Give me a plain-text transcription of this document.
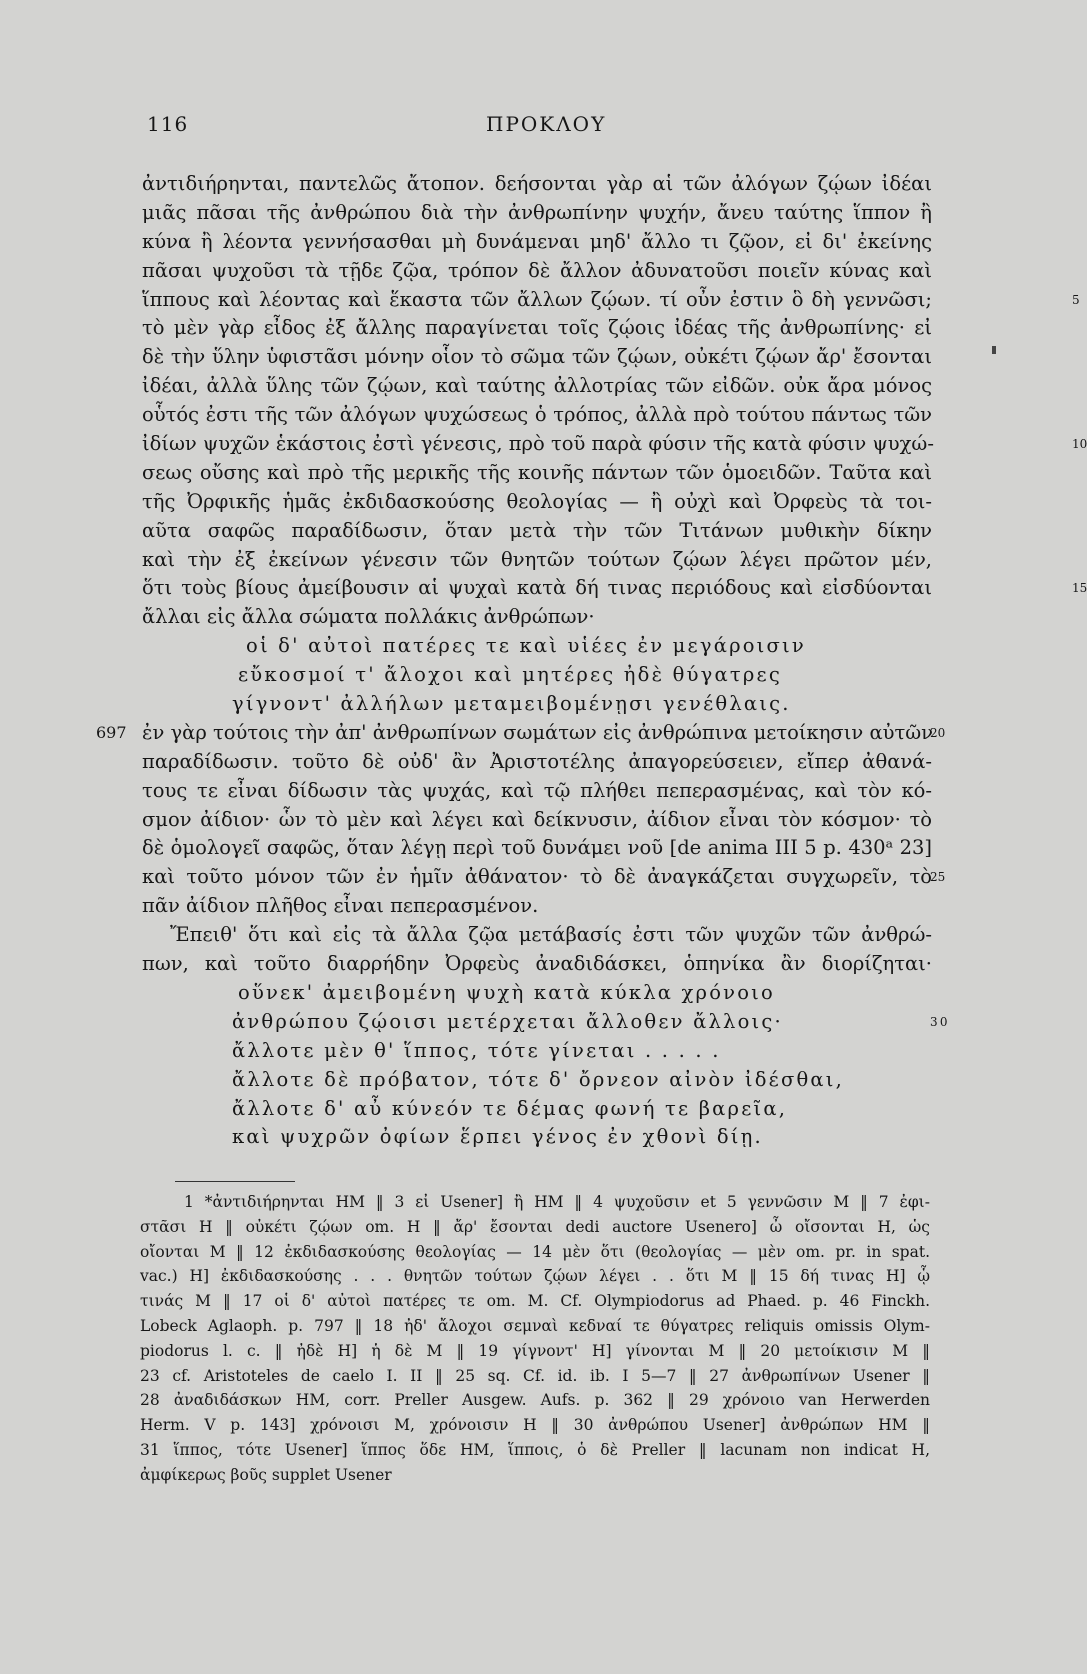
116	ΠΡΟΚΛΟΥ
ἀντιδιήρηνται, παντελῶς ἄτοπον. δεήσονται γὰρ αἱ τῶν ἀλόγων ζῴων ἰδέαι
μιᾶς πᾶσαι τῆς ἀνθρώπου διὰ τὴν ἀνθρωπίνην ψυχήν, ἄνευ ταύτης ἵππον ἢ
κύνα ἢ λέοντα γεννήσασθαι μὴ δυνάμεναι μηδ' ἄλλο τι ζῷον, εἰ δι' ἐκείνης
πᾶσαι ψυχοῦσι τὰ τῇδε ζῷα, τρόπον δὲ ἄλλον ἀδυνατοῦσι ποιεῖν κύνας καὶ
ἵππους καὶ λέοντας καὶ ἕκαστα τῶν ἄλλων ζῴων. τί οὖν ἐστιν ὃ δὴ γεννῶσι;	5
τὸ μὲν γὰρ εἶδος ἐξ ἄλλης παραγίνεται τοῖς ζῴοις ἰδέας τῆς ἀνθρωπίνης· εἰ
δὲ τὴν ὕλην ὑφιστᾶσι μόνην οἷον τὸ σῶμα τῶν ζῴων, οὐκέτι ζῴων ἄρ' ἔσονται
ἰδέαι, ἀλλὰ ὕλης τῶν ζῴων, καὶ ταύτης ἀλλοτρίας τῶν εἰδῶν. οὐκ ἄρα μόνος
οὗτός ἐστι τῆς τῶν ἀλόγων ψυχώσεως ὁ τρόπος, ἀλλὰ πρὸ τούτου πάντως τῶν
ἰδίων ψυχῶν ἑκάστοις ἐστὶ γένεσις, πρὸ τοῦ παρὰ φύσιν τῆς κατὰ φύσιν ψυχώ-	10
σεως οὔσης καὶ πρὸ τῆς μερικῆς τῆς κοινῆς πάντων τῶν ὁμοειδῶν. Ταῦτα καὶ
τῆς Ὀρφικῆς ἡμᾶς ἐκδιδασκούσης θεολογίας — ἢ οὐχὶ καὶ Ὀρφεὺς τὰ τοι-
αῦτα σαφῶς παραδίδωσιν, ὅταν μετὰ τὴν τῶν Τιτάνων μυθικὴν δίκην
καὶ τὴν ἐξ ἐκείνων γένεσιν τῶν θνητῶν τούτων ζῴων λέγει πρῶτον μέν,
ὅτι τοὺς βίους ἀμείβουσιν αἱ ψυχαὶ κατὰ δή τινας περιόδους καὶ εἰσδύονται	15
ἄλλαι εἰς ἄλλα σώματα πολλάκις ἀνθρώπων·
οἱ δ' αὐτοὶ πατέρες τε καὶ υἱέες ἐν μεγάροισιν
εὔκοσμοί τ' ἄλοχοι καὶ μητέρες ἠδὲ θύγατρες
γίγνοντ' ἀλλήλων μεταμειβομένῃσι γενέθλαις.
697 ἐν γὰρ τούτοις τὴν ἀπ' ἀνθρωπίνων σωμάτων εἰς ἀνθρώπινα μετοίκησιν αὐτῶν
20
παραδίδωσιν. τοῦτο δὲ οὐδ' ἂν Ἀριστοτέλης ἀπαγορεύσειεν, εἴπερ ἀθανά-
τους τε εἶναι δίδωσιν τὰς ψυχάς, καὶ τῷ πλήθει πεπερασμένας, καὶ τὸν κό-
σμον ἀίδιον· ὧν τὸ μὲν καὶ λέγει καὶ δείκνυσιν, ἀίδιον εἶναι τὸν κόσμον· τὸ
δὲ ὁμολογεῖ σαφῶς, ὅταν λέγῃ περὶ τοῦ δυνάμει νοῦ [de anima III 5 p. 430ᵃ 23]
καὶ τοῦτο μόνον τῶν ἐν ἡμῖν ἀθάνατον· τὸ δὲ ἀναγκάζεται συγχωρεῖν, τὸ
25
πᾶν ἀίδιον πλῆθος εἶναι πεπερασμένον.
Ἔπειθ' ὅτι καὶ εἰς τὰ ἄλλα ζῷα μετάβασίς ἐστι τῶν ψυχῶν τῶν ἀνθρώ-
πων, καὶ τοῦτο διαρρήδην Ὀρφεὺς ἀναδιδάσκει, ὁπηνίκα ἂν διορίζηται·
οὕνεκ' ἀμειβομένη ψυχὴ κατὰ κύκλα χρόνοιο
ἀνθρώπου ζῴοισι μετέρχεται ἄλλοθεν ἄλλοις·	30
ἄλλοτε μὲν θ' ἵππος, τότε γίνεται . . . . .
ἄλλοτε δὲ πρόβατον, τότε δ' ὄρνεον αἰνὸν ἰδέσθαι,
ἄλλοτε δ' αὖ κύνεόν τε δέμας φωνή τε βαρεῖα,
καὶ ψυχρῶν ὀφίων ἕρπει γένος ἐν χθονὶ δίῃ.
1 *ἀντιδιήρηνται HM ‖ 3 εἰ Usener] ἢ HM ‖ 4 ψυχοῦσιν et 5 γεννῶσιν M ‖ 7 ἐφι-
στᾶσι H ‖ οὐκέτι ζῴων om. H ‖ ἄρ' ἔσονται dedi auctore Usenero] ὦ οἴσονται H, ὡς
οἴονται M ‖ 12 ἐκδιδασκούσης θεολογίας — 14 μὲν ὅτι (θεολογίας — μὲν om. pr. in spat.
vac.) H] ἐκδιδασκούσης . . . θνητῶν τούτων ζῴων λέγει . . ὅτι M ‖ 15 δή τινας H] ᾧ
τινάς M ‖ 17 οἱ δ' αὐτοὶ πατέρες τε om. M. Cf. Olympiodorus ad Phaed. p. 46 Finckh.
Lobeck Aglaoph. p. 797 ‖ 18 ἠδ' ἄλοχοι σεμναὶ κεδναί τε θύγατρες reliquis omissis Olym-
piodorus l. c. ‖ ἠδὲ H] ἡ δὲ M ‖ 19 γίγνοντ' H] γίνονται M ‖ 20 μετοίκισιν M ‖
23 cf. Aristoteles de caelo I. II ‖ 25 sq. Cf. id. ib. I 5—7 ‖ 27 ἀνθρωπίνων Usener ‖
28 ἀναδιδάσκων HM, corr. Preller Ausgew. Aufs. p. 362 ‖ 29 χρόνοιο van Herwerden
Herm. V p. 143] χρόνοισι M, χρόνοισιν H ‖ 30 ἀνθρώπου Usener] ἀνθρώπων HM ‖
31 ἵππος, τότε Usener] ἵππος ὅδε HM, ἵπποις, ὁ δὲ Preller ‖ lacunam non indicat H,
ἀμφίκερως βοῦς supplet Usener
